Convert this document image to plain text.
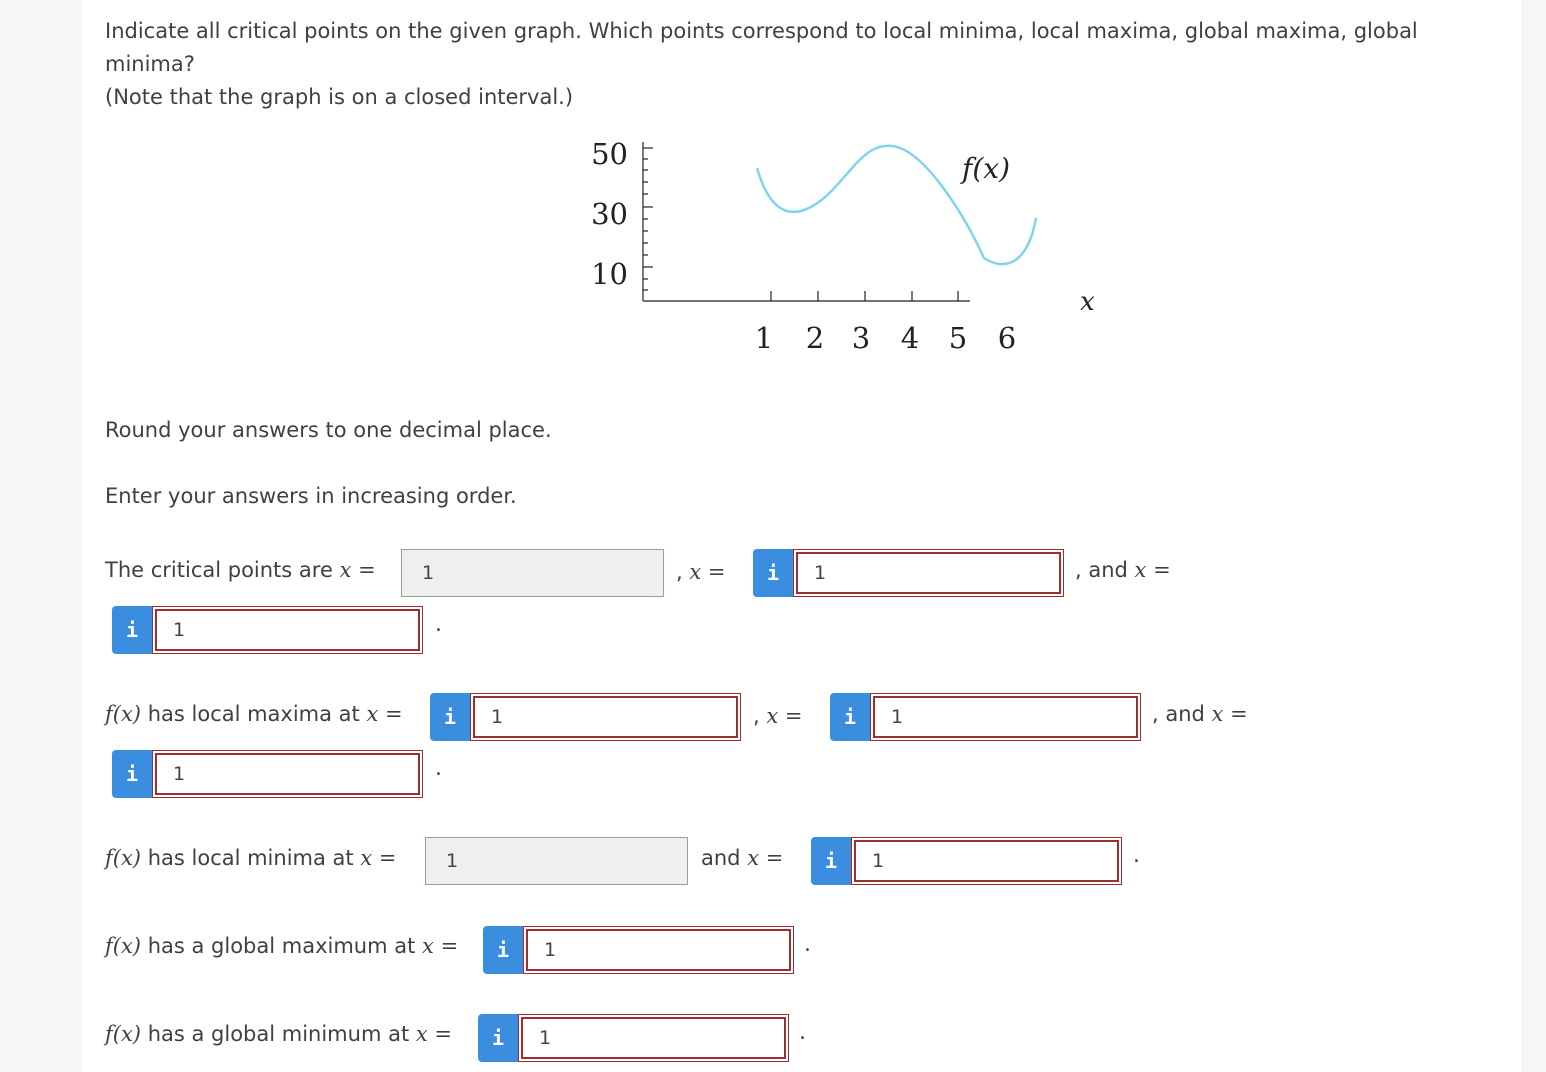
Indicate all critical points on the given graph. Which points correspond to local minima, local maxima, global maxima, global minima?
(Note that the graph is on a closed interval.)
50
30
10
1 2 3 4 5 6
f(x)
x
Round your answers to one decimal place.
Enter your answers in increasing order.
The critical points are x = 1	, x = i 1	, and x =
i 1	.
f(x) has local maxima at x = i 1	, x = i 1	, and x =
i 1	.
f(x) has local minima at x =	1	and x = i 1	.
f(x) has a global maximum at x = i 1	.
f(x) has a global minimum at x = i 1	.
